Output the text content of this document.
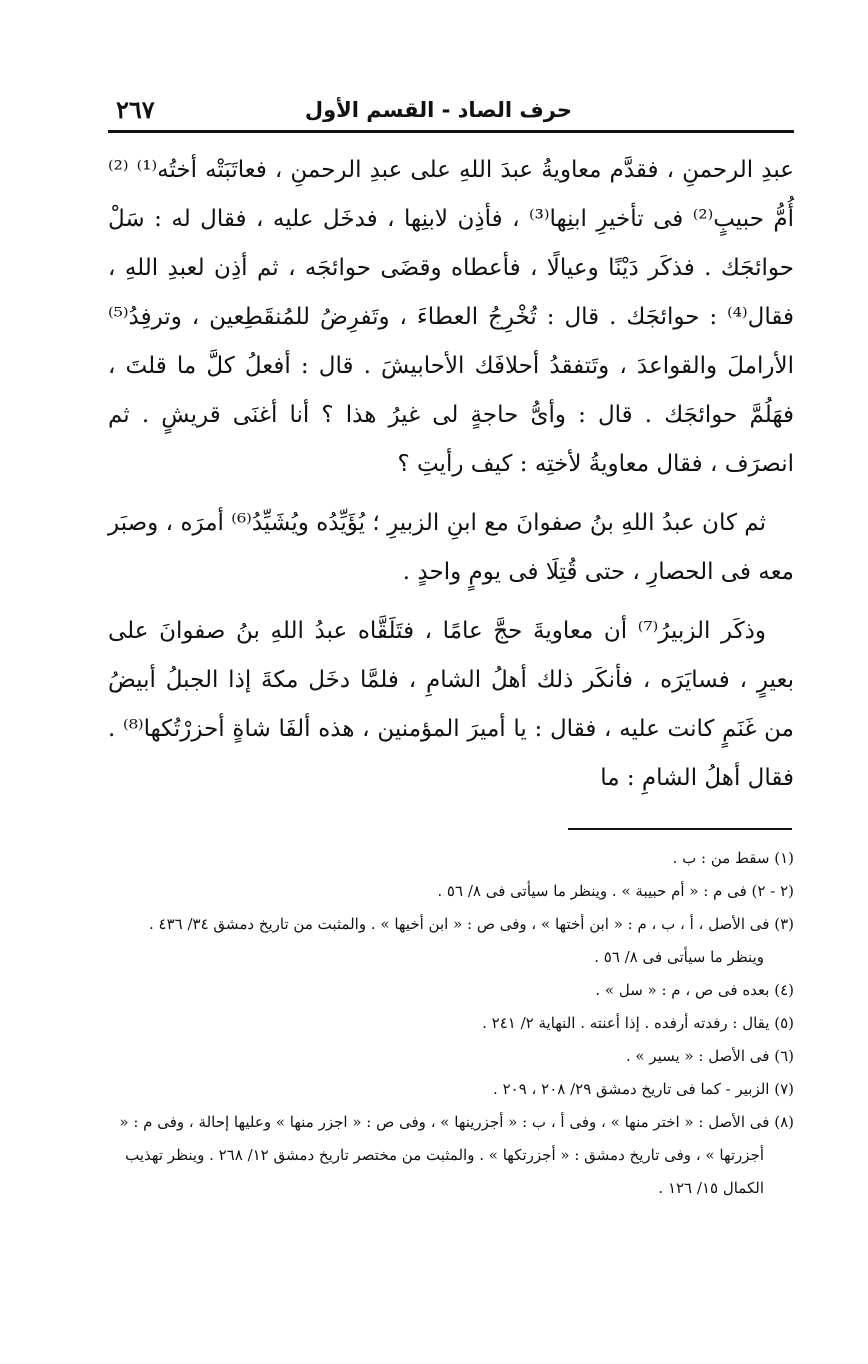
حرف الصاد - القسم الأول
٢٦٧

عبدِ الرحمنِ ، فقدَّم معاويةُ عبدَ اللهِ على عبدِ الرحمنِ ، فعاتَبَتْه أختُه⁽¹⁾ ⁽²⁾أُمُّ حبيبٍ⁽²⁾ فى تأخيرِ ابنِها⁽³⁾ ، فأذِن لابنِها ، فدخَل عليه ، فقال له : سَلْ حوائجَك . فذكَر دَيْنًا وعيالًا ، فأعطاه وقضَى حوائجَه ، ثم أذِن لعبدِ اللهِ ، فقال⁽⁴⁾ : حوائجَك . قال : تُخْرِجُ العطاءَ ، وتَفرِضُ للمُنقَطِعين ، وترفِدُ⁽⁵⁾ الأراملَ والقواعدَ ، وتَتفقدُ أحلافَك الأحابيشَ . قال : أفعلُ كلَّ ما قلتَ ، فهَلُمَّ حوائجَك . قال : وأىُّ حاجةٍ لى غيرُ هذا ؟ أنا أغنَى قريشٍ . ثم انصرَف ، فقال معاويةُ لأختِه : كيف رأيتِ ؟

ثم كان عبدُ اللهِ بنُ صفوانَ مع ابنِ الزبيرِ ؛ يُؤَيِّدُه ويُشَيِّدُ⁽⁶⁾ أمرَه ، وصبَر معه فى الحصارِ ، حتى قُتِلَا فى يومٍ واحدٍ .

وذكَر الزبيرُ⁽⁷⁾ أن معاويةَ حجَّ عامًا ، فتَلَقَّاه عبدُ اللهِ بنُ صفوانَ على بعيرٍ ، فسايَرَه ، فأنكَر ذلك أهلُ الشامِ ، فلمَّا دخَل مكةَ إذا الجبلُ أبيضُ من غَنَمٍ كانت عليه ، فقال : يا أميرَ المؤمنين ، هذه ألفَا شاةٍ أحزرْتُكها⁽⁸⁾ . فقال أهلُ الشامِ : ما

(١) سقط من : ب .

(٢ - ٢) فى م : « أم حبيبة » . وينظر ما سيأتى فى ٨/ ٥٦ .

(٣) فى الأصل ، أ ، ب ، م : « ابن أختها » ، وفى ص : « ابن أخيها » . والمثبت من تاريخ دمشق ٣٤/ ٤٣٦ . وينظر ما سيأتى فى ٨/ ٥٦ .

(٤) بعده فى ص ، م : « سل » .

(٥) يقال : رفدته أرفده . إذا أعنته . النهاية ٢/ ٢٤١ .

(٦) فى الأصل : « يسير » .

(٧) الزبير - كما فى تاريخ دمشق ٢٩/ ٢٠٨ ، ٢٠٩ .

(٨) فى الأصل : « اختر منها » ، وفى أ ، ب : « أجزرينها » ، وفى ص : « اجزر منها » وعليها إحالة ، وفى م : « أجزرتها » ، وفى تاريخ دمشق : « أجزرتكها » . والمثبت من مختصر تاريخ دمشق ١٢/ ٢٦٨ . وينظر تهذيب الكمال ١٥/ ١٢٦ .
